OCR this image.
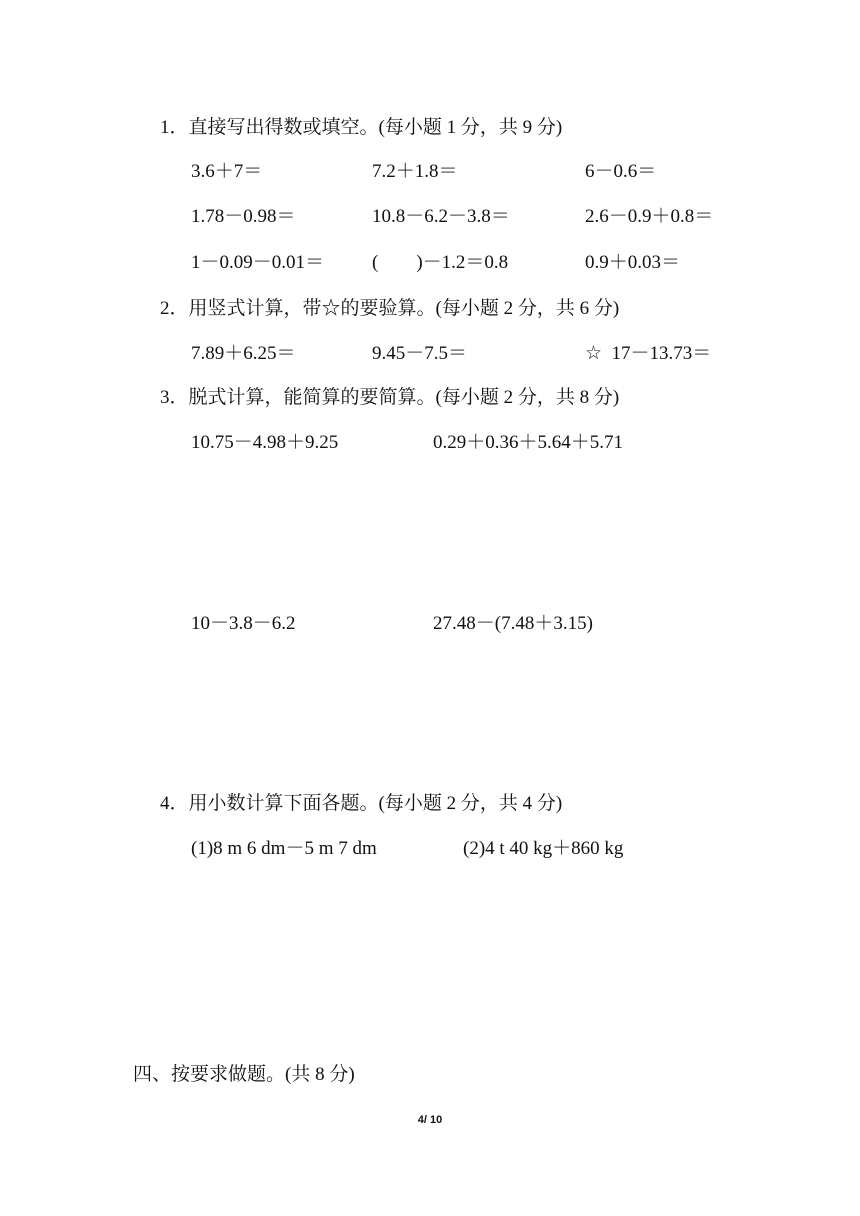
1．直接写出得数或填空。(每小题 1 分，共 9 分)
3.6＋7＝	7.2＋1.8＝	6－0.6＝
1.78－0.98＝	10.8－6.2－3.8＝	2.6－0.9＋0.8＝
1－0.09－0.01＝	(        )－1.2＝0.8	0.9＋0.03＝
2．用竖式计算，带☆的要验算。(每小题 2 分，共 6 分)
7.89＋6.25＝	9.45－7.5＝	☆  17－13.73＝
3．脱式计算，能简算的要简算。(每小题 2 分，共 8 分)
10.75－4.98＋9.25	0.29＋0.36＋5.64＋5.71
10－3.8－6.2	27.48－(7.48＋3.15)
4．用小数计算下面各题。(每小题 2 分，共 4 分)
(1)8 m 6 dm－5 m 7 dm	(2)4 t 40 kg＋860 kg
四、按要求做题。(共 8 分)
4/ 10
